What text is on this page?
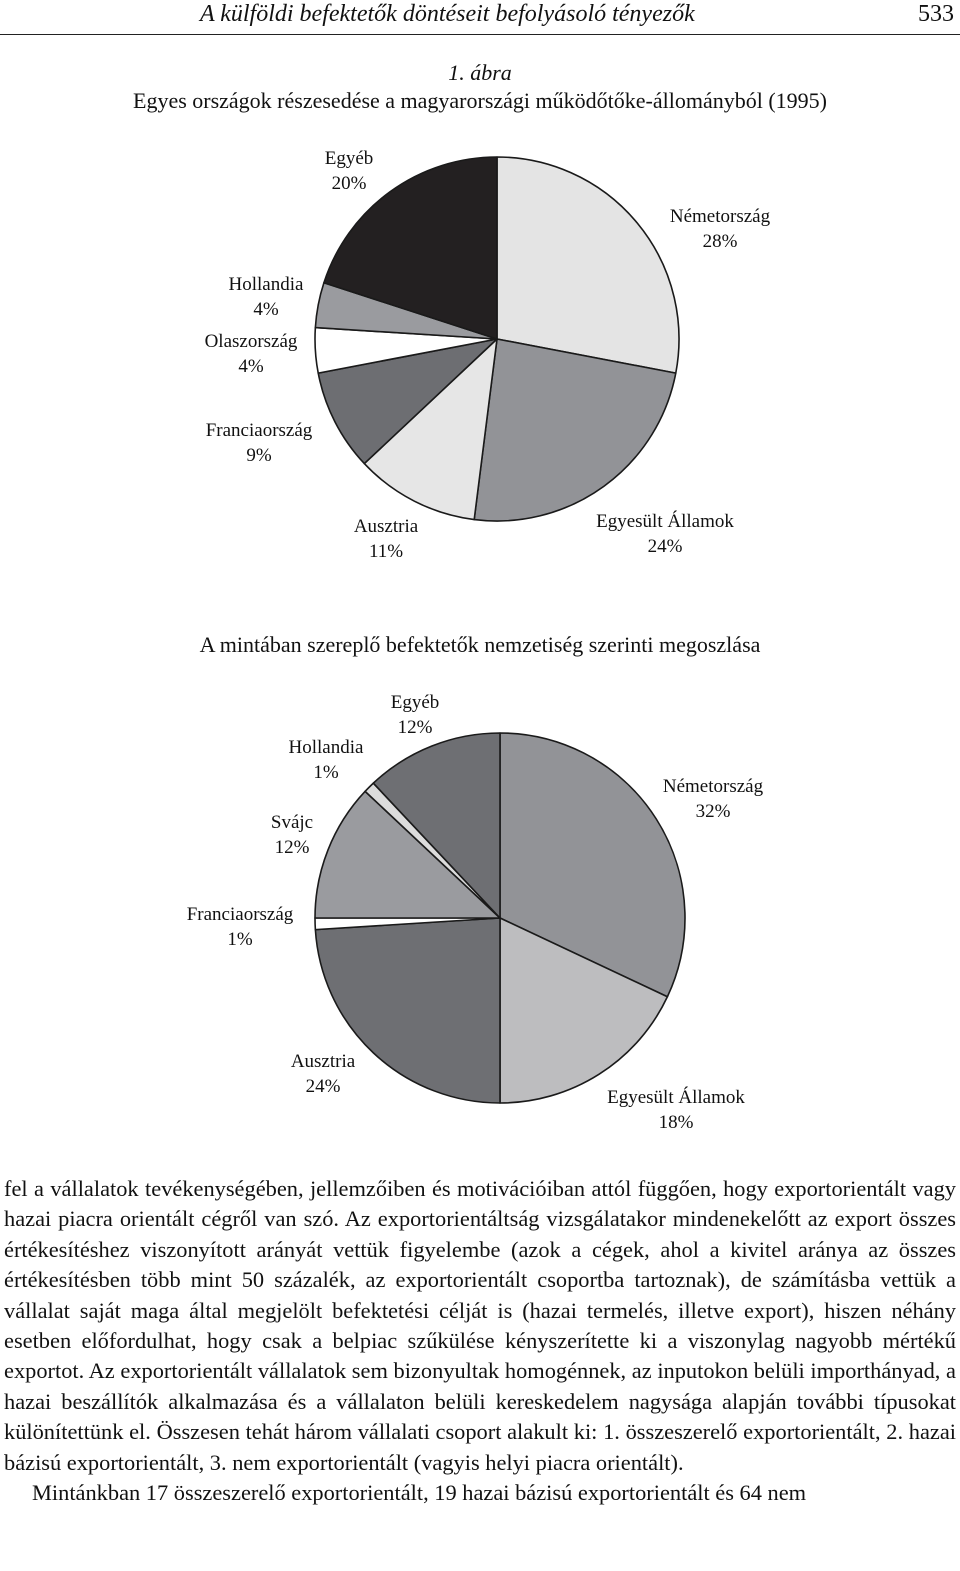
A külföldi befektetők döntéseit befolyásoló tényezők	533
1. ábra
Egyes országok részesedése a magyarországi működőtőke-állományból (1995)
Németország 28%
Egyesült Államok 24%
Ausztria 11%
Franciaország 9%
Olaszország 4%
Hollandia 4%
Egyéb 20%
A mintában szereplő befektetők nemzetiség szerinti megoszlása
Németország 32%
Egyesült Államok 18%
Ausztria 24%
Franciaország 1%
Svájc 12%
Hollandia 1%
Egyéb 12%

fel a vállalatok tevékenységében, jellemzőiben és motivációiban attól függően, hogy exportorientált vagy hazai piacra orientált cégről van szó. Az exportorientáltság vizsgálatakor mindenekelőtt az export összes értékesítéshez viszonyított arányát vettük figyelembe (azok a cégek, ahol a kivitel aránya az összes értékesítésben több mint 50 százalék, az exportorientált csoportba tartoznak), de számításba vettük a vállalat saját maga által megjelölt befektetési célját is (hazai termelés, illetve export), hiszen néhány esetben előfordulhat, hogy csak a belpiac szűkülése kényszerítette ki a viszonylag nagyobb mértékű exportot. Az exportorientált vállalatok sem bizonyultak homogénnek, az inputokon belüli importhányad, a hazai beszállítók alkalmazása és a vállalaton belüli kereskedelem nagysága alapján további típusokat különítettünk el. Összesen tehát három vállalati csoport alakult ki: 1. összeszerelő exportorientált, 2. hazai bázisú exportorientált, 3. nem exportorientált (vagyis helyi piacra orientált).

Mintánkban 17 összeszerelő exportorientált, 19 hazai bázisú exportorientált és 64 nem
